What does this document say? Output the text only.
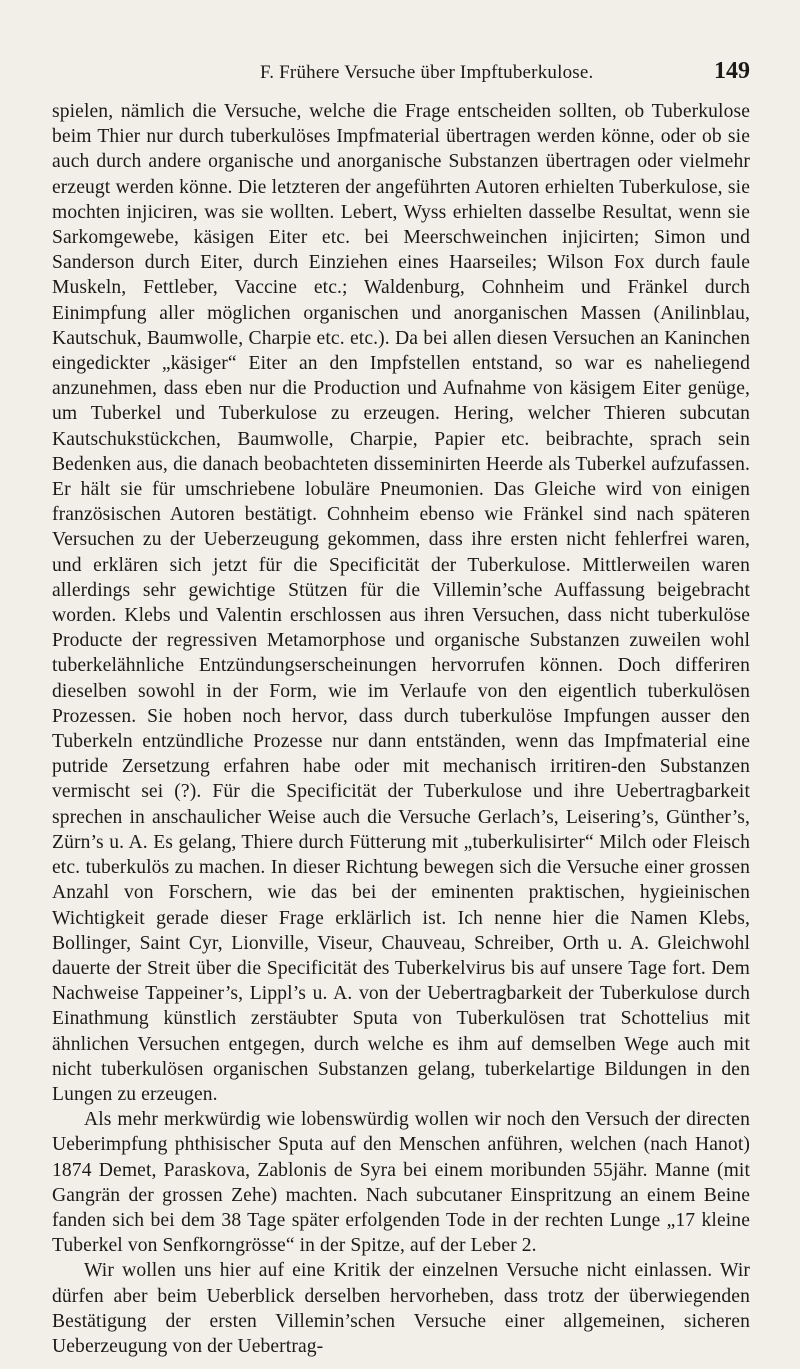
F. Frühere Versuche über Impftuberkulose.	149

spielen, nämlich die Versuche, welche die Frage entscheiden sollten, ob Tuberkulose beim Thier nur durch tuberkulöses Impfmaterial übertragen werden könne, oder ob sie auch durch andere organische und anorganische Substanzen übertragen oder vielmehr erzeugt werden könne. Die letzteren der angeführten Autoren erhielten Tuberkulose, sie mochten injiciren, was sie wollten. Lebert, Wyss erhielten dasselbe Resultat, wenn sie Sarkomgewebe, käsigen Eiter etc. bei Meerschweinchen injicirten; Simon und Sanderson durch Eiter, durch Einziehen eines Haarseiles; Wilson Fox durch faule Muskeln, Fettleber, Vaccine etc.; Waldenburg, Cohnheim und Fränkel durch Einimpfung aller möglichen organischen und anorganischen Massen (Anilinblau, Kautschuk, Baumwolle, Charpie etc. etc.). Da bei allen diesen Versuchen an Kaninchen eingedickter „käsiger“ Eiter an den Impfstellen entstand, so war es naheliegend anzunehmen, dass eben nur die Production und Aufnahme von käsigem Eiter genüge, um Tuberkel und Tuberkulose zu erzeugen. Hering, welcher Thieren subcutan Kautschukstückchen, Baumwolle, Charpie, Papier etc. beibrachte, sprach sein Bedenken aus, die danach beobachteten disseminirten Heerde als Tuberkel aufzufassen. Er hält sie für umschriebene lobuläre Pneumonien. Das Gleiche wird von einigen französischen Autoren bestätigt. Cohnheim ebenso wie Fränkel sind nach späteren Versuchen zu der Ueberzeugung gekommen, dass ihre ersten nicht fehlerfrei waren, und erklären sich jetzt für die Specificität der Tuberkulose. Mittlerweilen waren allerdings sehr gewichtige Stützen für die Villemin’sche Auffassung beigebracht worden. Klebs und Valentin erschlossen aus ihren Versuchen, dass nicht tuberkulöse Producte der regressiven Metamorphose und organische Substanzen zuweilen wohl tuberkelähnliche Entzündungserscheinungen hervorrufen können. Doch differiren dieselben sowohl in der Form, wie im Verlaufe von den eigentlich tuberkulösen Prozessen. Sie hoben noch hervor, dass durch tuberkulöse Impfungen ausser den Tuberkeln entzündliche Prozesse nur dann entständen, wenn das Impfmaterial eine putride Zersetzung erfahren habe oder mit mechanisch irritiren-den Substanzen vermischt sei (?). Für die Specificität der Tuberkulose und ihre Uebertragbarkeit sprechen in anschaulicher Weise auch die Versuche Gerlach’s, Leisering’s, Günther’s, Zürn’s u. A. Es gelang, Thiere durch Fütterung mit „tuberkulisirter“ Milch oder Fleisch etc. tuberkulös zu machen. In dieser Richtung bewegen sich die Versuche einer grossen Anzahl von Forschern, wie das bei der eminenten praktischen, hygieinischen Wichtigkeit gerade dieser Frage erklärlich ist. Ich nenne hier die Namen Klebs, Bollinger, Saint Cyr, Lionville, Viseur, Chauveau, Schreiber, Orth u. A. Gleichwohl dauerte der Streit über die Specificität des Tuberkelvirus bis auf unsere Tage fort. Dem Nachweise Tappeiner’s, Lippl’s u. A. von der Uebertragbarkeit der Tuberkulose durch Einathmung künstlich zerstäubter Sputa von Tuberkulösen trat Schottelius mit ähnlichen Versuchen entgegen, durch welche es ihm auf demselben Wege auch mit nicht tuberkulösen organischen Substanzen gelang, tuberkelartige Bildungen in den Lungen zu erzeugen.

Als mehr merkwürdig wie lobenswürdig wollen wir noch den Versuch der directen Ueberimpfung phthisischer Sputa auf den Menschen anführen, welchen (nach Hanot) 1874 Demet, Paraskova, Zablonis de Syra bei einem moribunden 55jähr. Manne (mit Gangrän der grossen Zehe) machten. Nach subcutaner Einspritzung an einem Beine fanden sich bei dem 38 Tage später erfolgenden Tode in der rechten Lunge „17 kleine Tuberkel von Senfkorngrösse“ in der Spitze, auf der Leber 2.

Wir wollen uns hier auf eine Kritik der einzelnen Versuche nicht einlassen. Wir dürfen aber beim Ueberblick derselben hervorheben, dass trotz der überwiegenden Bestätigung der ersten Villemin’schen Versuche einer allgemeinen, sicheren Ueberzeugung von der Uebertrag-
